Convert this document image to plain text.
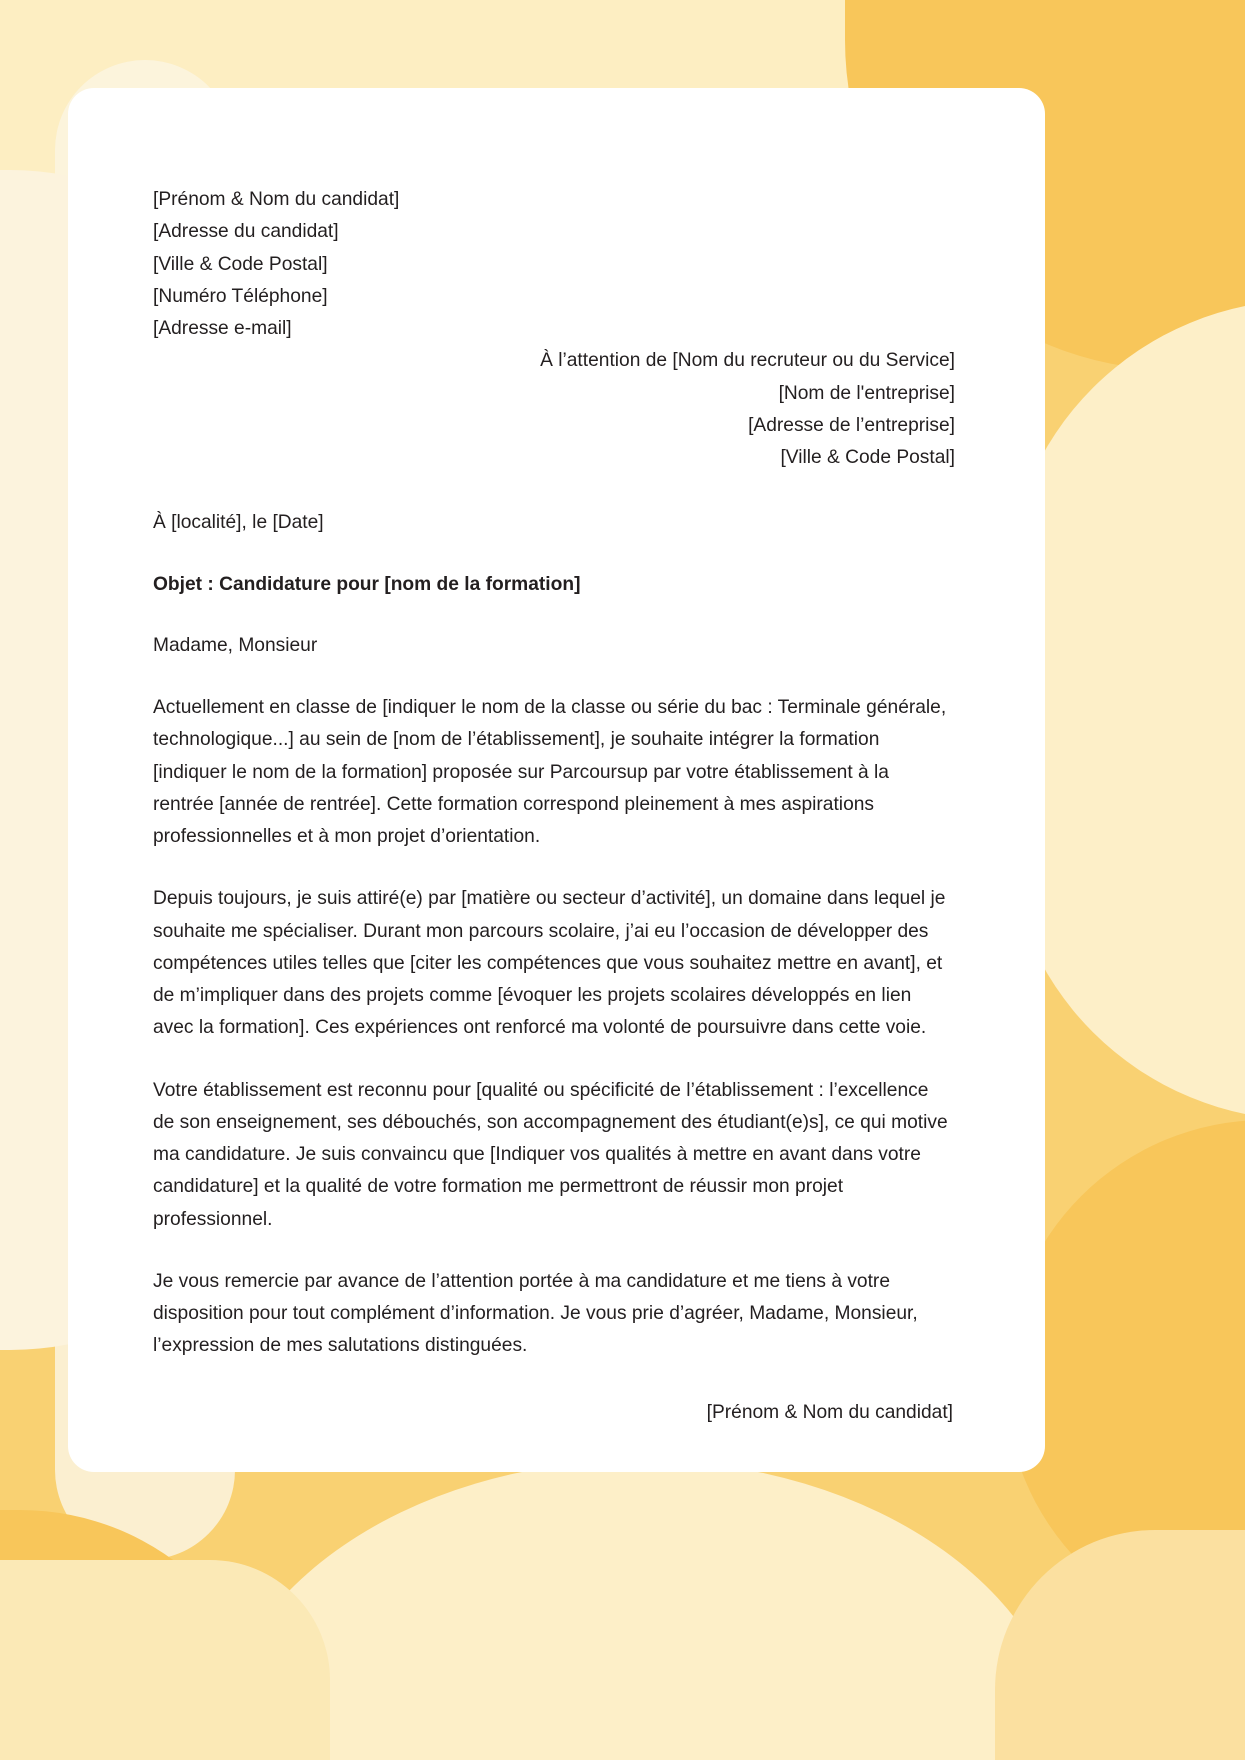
[Prénom & Nom du candidat]
[Adresse du candidat]
[Ville & Code Postal]
[Numéro Téléphone]
[Adresse e-mail]
À l’attention de [Nom du recruteur ou du Service]
[Nom de l'entreprise]
[Adresse de l’entreprise]
[Ville & Code Postal]
À [localité], le [Date]
Objet : Candidature pour [nom de la formation]
Madame, Monsieur

Actuellement en classe de [indiquer le nom de la classe ou série du bac : Terminale générale, technologique...] au sein de [nom de l’établissement], je souhaite intégrer la formation [indiquer le nom de la formation] proposée sur Parcoursup par votre établissement à la rentrée [année de rentrée]. Cette formation correspond pleinement à mes aspirations professionnelles et à mon projet d’orientation.

Depuis toujours, je suis attiré(e) par [matière ou secteur d’activité], un domaine dans lequel je souhaite me spécialiser. Durant mon parcours scolaire, j’ai eu l’occasion de développer des compétences utiles telles que [citer les compétences que vous souhaitez mettre en avant], et de m’impliquer dans des projets comme [évoquer les projets scolaires développés en lien avec la formation]. Ces expériences ont renforcé ma volonté de poursuivre dans cette voie.

Votre établissement est reconnu pour [qualité ou spécificité de l’établissement : l’excellence de son enseignement, ses débouchés, son accompagnement des étudiant(e)s], ce qui motive ma candidature. Je suis convaincu que [Indiquer vos qualités à mettre en avant dans votre candidature] et la qualité de votre formation me permettront de réussir mon projet professionnel.

Je vous remercie par avance de l’attention portée à ma candidature et me tiens à votre disposition pour tout complément d’information. Je vous prie d’agréer, Madame, Monsieur, l’expression de mes salutations distinguées.

[Prénom & Nom du candidat]
